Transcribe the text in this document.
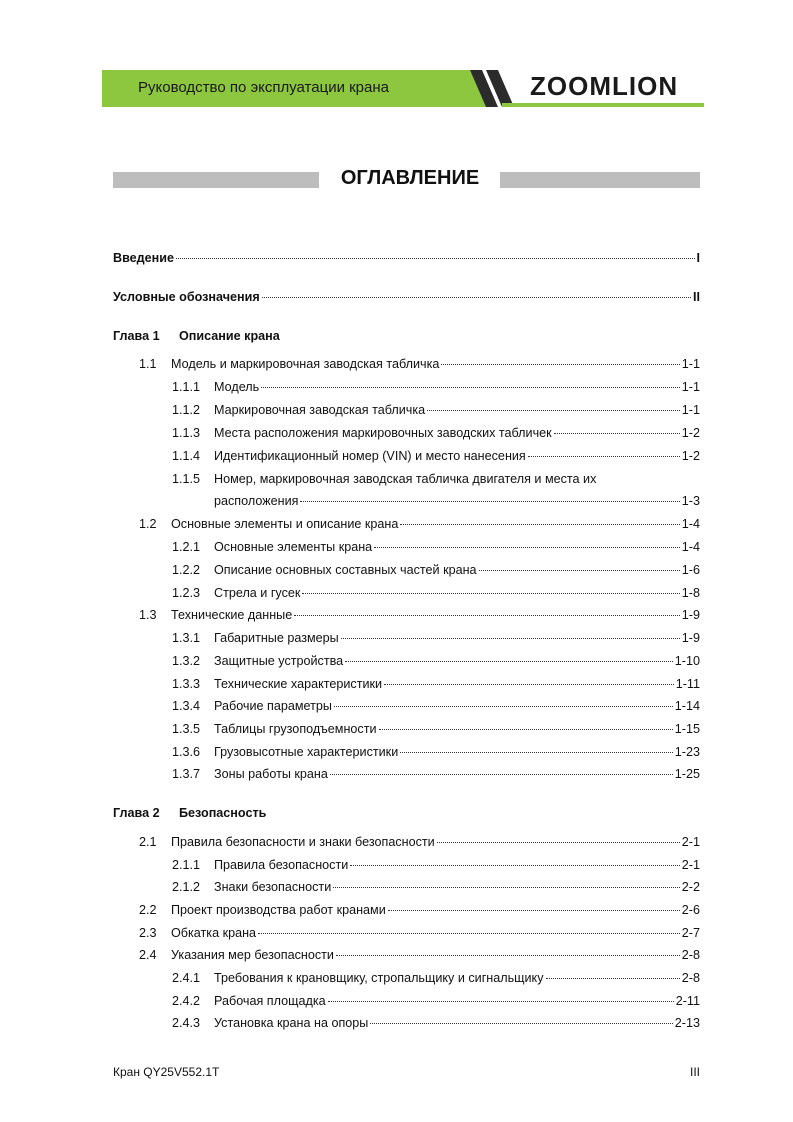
Руководство по эксплуатации крана	ZOOMLION
ОГЛАВЛЕНИЕ
Введение	I
Условные обозначения	II
Глава 1	Описание крана
1.1	Модель и маркировочная заводская табличка	1-1
1.1.1	Модель	1-1
1.1.2	Маркировочная заводская табличка	1-1
1.1.3	Места расположения маркировочных заводских табличек	1-2
1.1.4	Идентификационный номер (VIN) и место нанесения	1-2
1.1.5	Номер, маркировочная заводская табличка двигателя и места их
расположения	1-3
1.2	Основные элементы и описание крана	1-4
1.2.1	Основные элементы крана	1-4
1.2.2	Описание основных составных частей крана	1-6
1.2.3	Стрела и гусек	1-8
1.3	Технические данные	1-9
1.3.1	Габаритные размеры	1-9
1.3.2	Защитные устройства	1-10
1.3.3	Технические характеристики	1-11
1.3.4	Рабочие параметры	1-14
1.3.5	Таблицы грузоподъемности	1-15
1.3.6	Грузовысотные характеристики	1-23
1.3.7	Зоны работы крана	1-25
Глава 2	Безопасность
2.1	Правила безопасности и знаки безопасности	2-1
2.1.1	Правила безопасности	2-1
2.1.2	Знаки безопасности	2-2
2.2	Проект производства работ кранами	2-6
2.3	Обкатка крана	2-7
2.4	Указания мер безопасности	2-8
2.4.1	Требования к крановщику, стропальщику и сигнальщику	2-8
2.4.2	Рабочая площадка	2-11
2.4.3	Установка крана на опоры	2-13
Кран QY25V552.1T	III
